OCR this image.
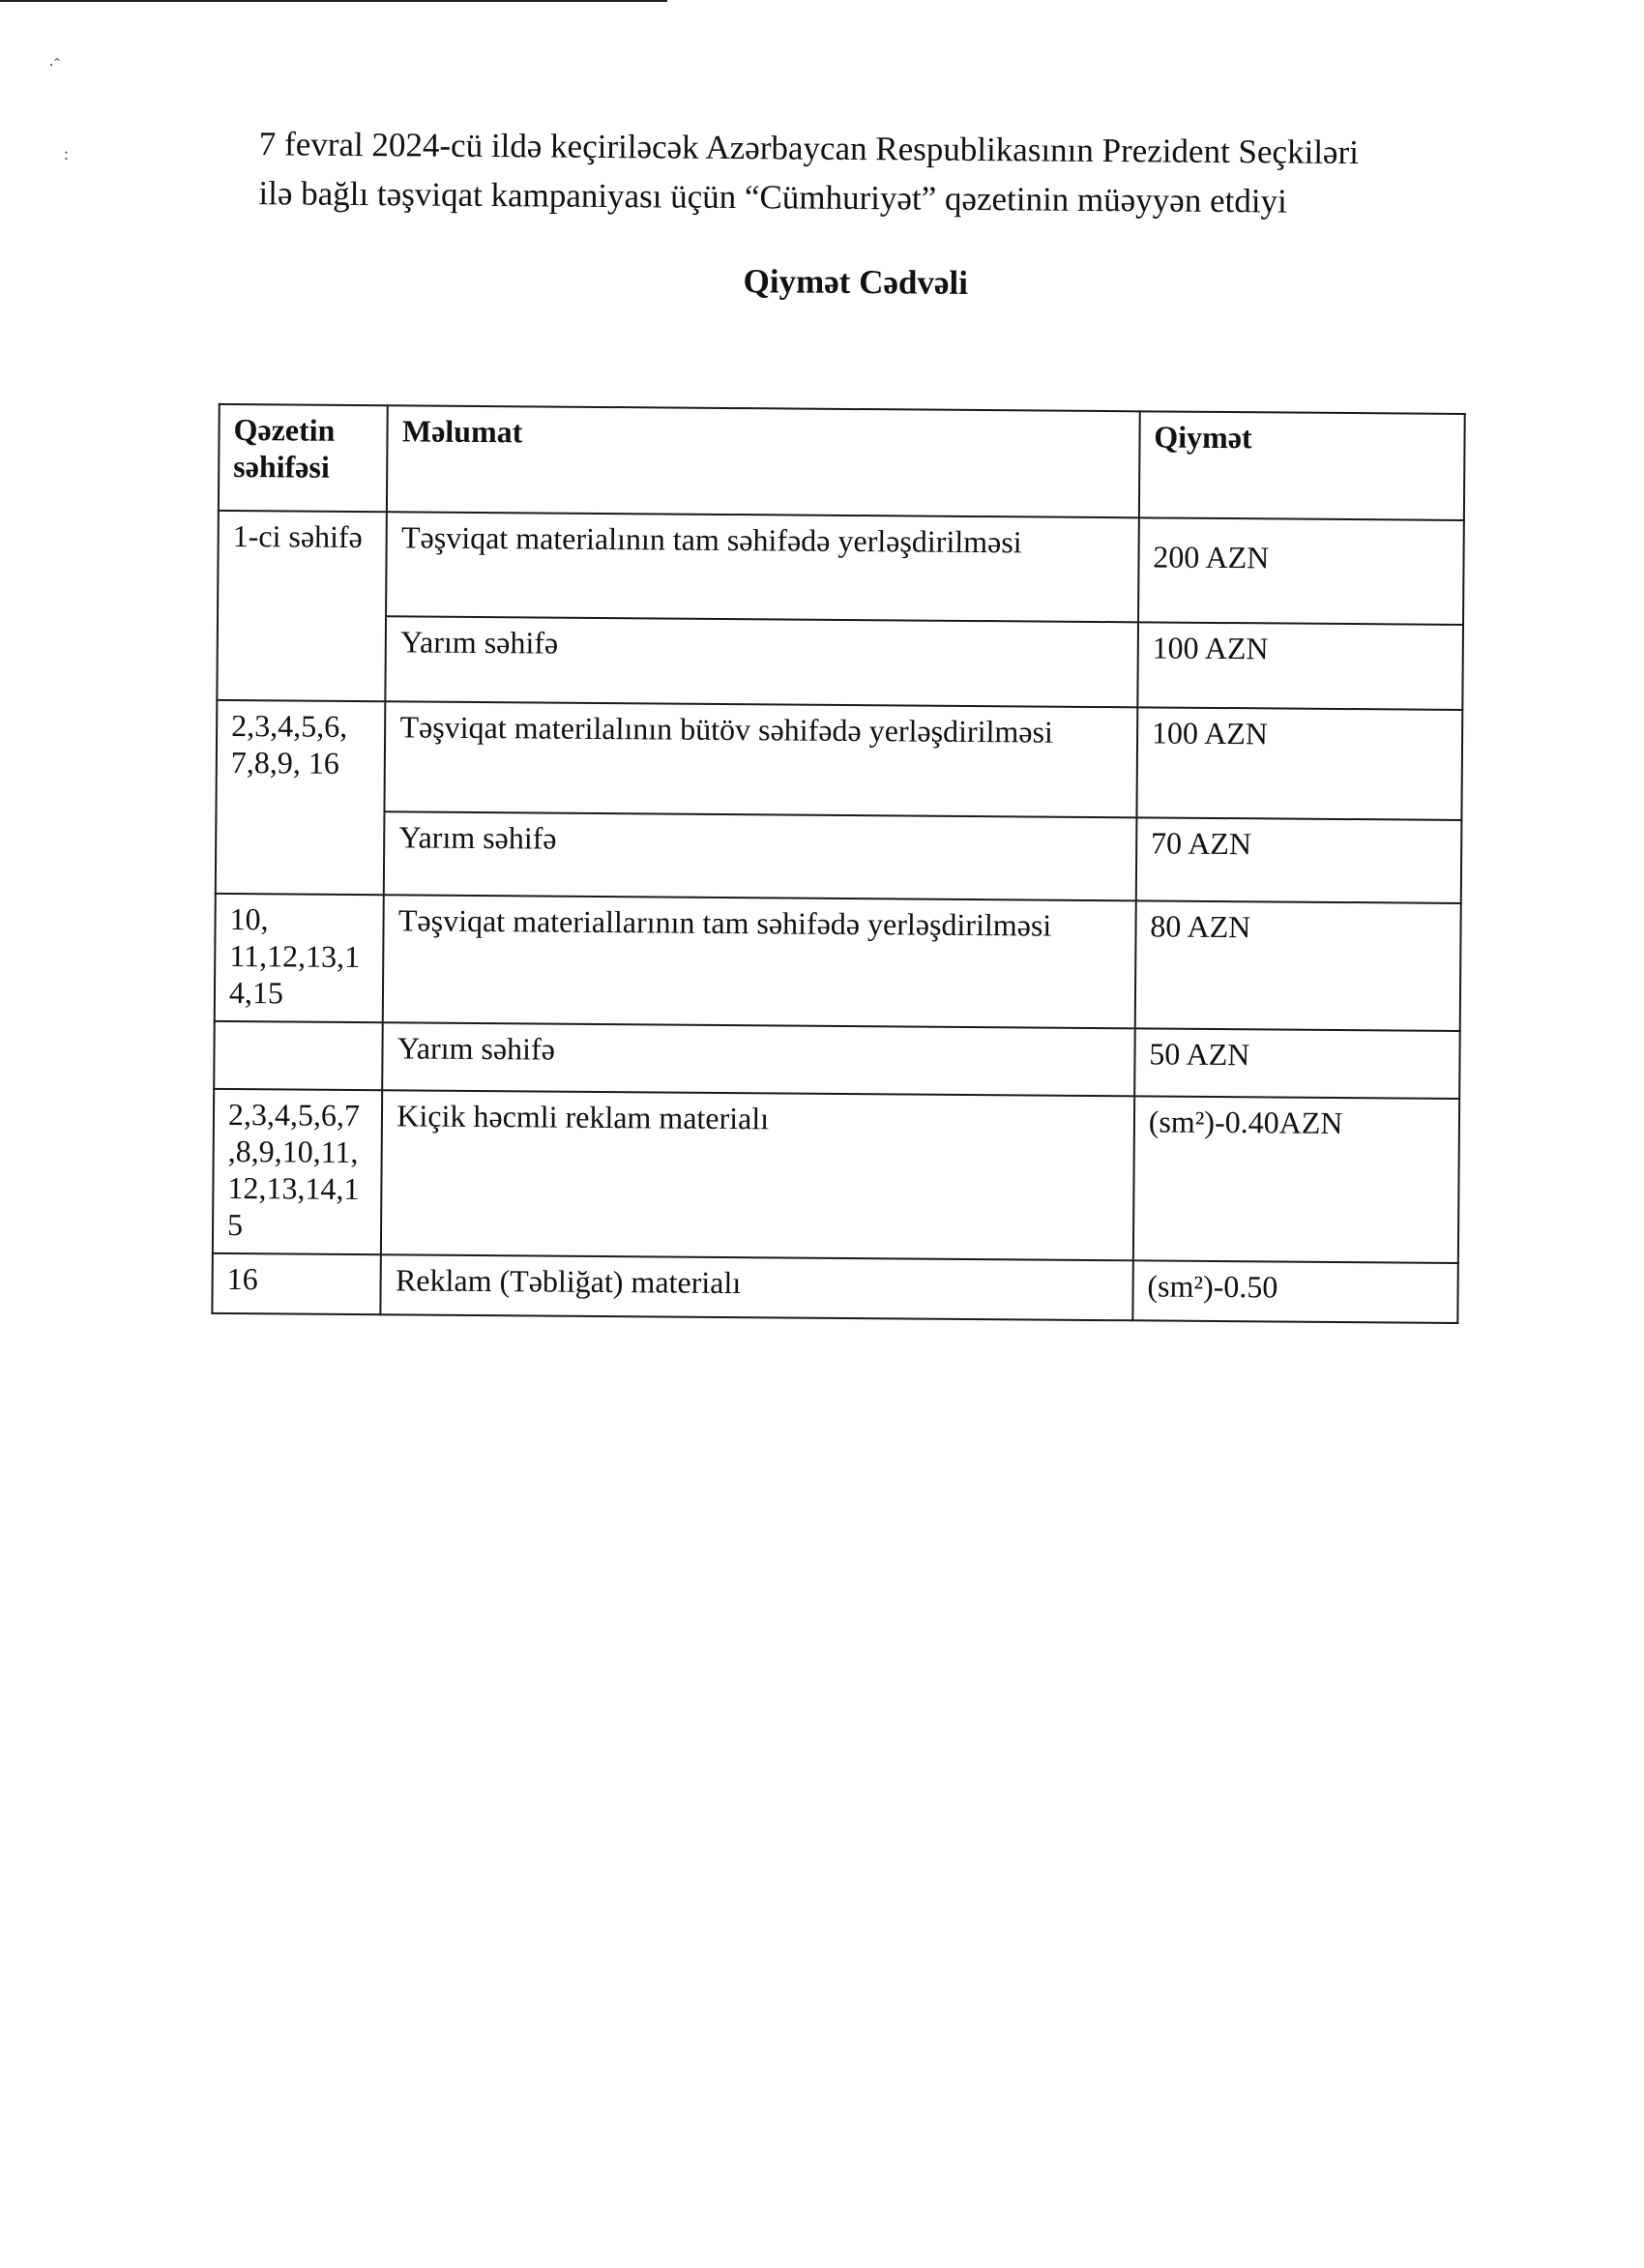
·ˆ
:	7 fevral 2024-cü ildə keçiriləcək Azərbaycan Respublikasının Prezident Seçkiləri
ilə bağlı təşviqat kampaniyası üçün “Cümhuriyət” qəzetinin müəyyən etdiyi

Qiymət Cədvəli
Qəzetin
səhifəsi	Məlumat	Qiymət
1-ci səhifə	Təşviqat materialının tam səhifədə yerləşdirilməsi	200 AZN
	Yarım səhifə	100 AZN

2,3,4,5,6,
7,8,9, 16	Təşviqat materilalının bütöv səhifədə yerləşdirilməsi	100 AZN
	Yarım səhifə	70 AZN

10,
11,12,13,1
4,15	Təşviqat materiallarının tam səhifədə yerləşdirilməsi	80 AZN
	Yarım səhifə	50 AZN

2,3,4,5,6,7
,8,9,10,11,
12,13,14,1
5	Kiçik həcmli reklam materialı	(sm²)-0.40AZN
16	Reklam (Təbliğat) materialı	(sm²)-0.50
